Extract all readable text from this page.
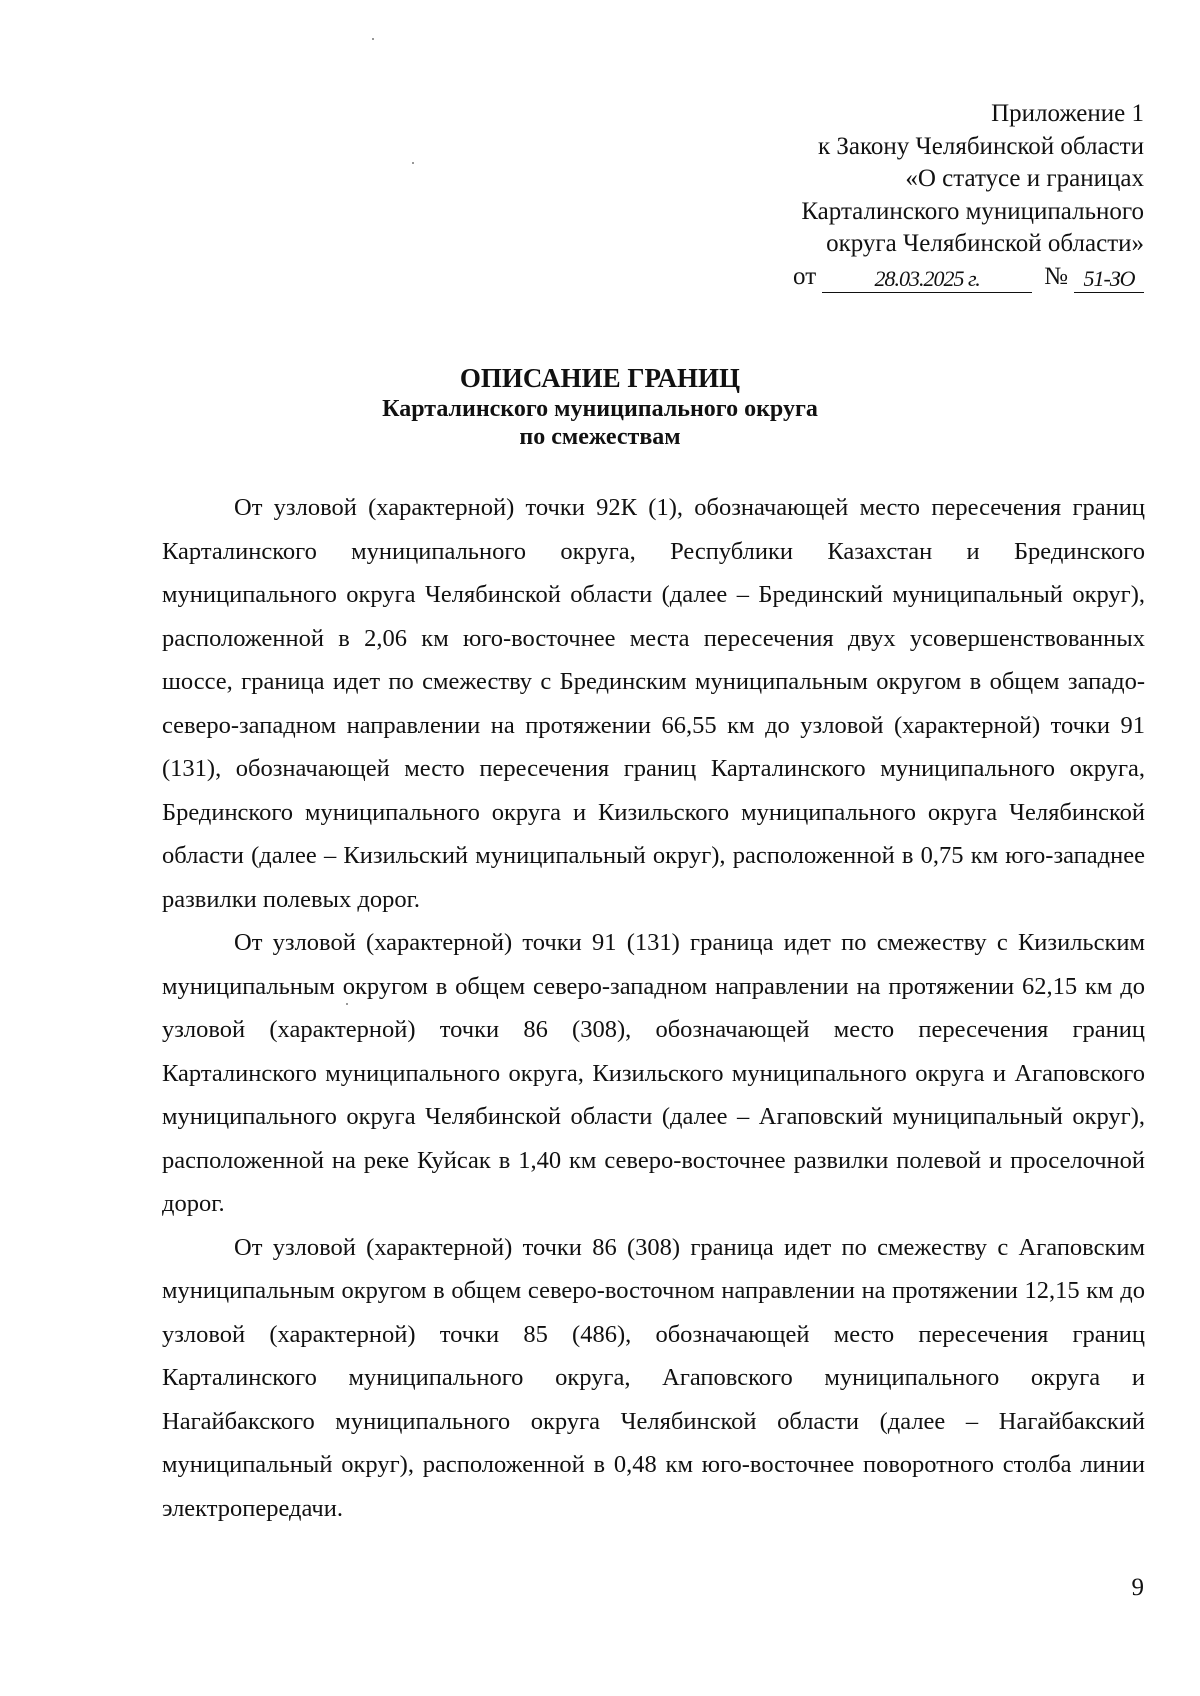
Приложение 1
к Закону Челябинской области
«О статусе и границах
Карталинского муниципального
округа Челябинской области»
от	28.03.2025 г.	№ 51-ЗО
ОПИСАНИЕ ГРАНИЦ
Карталинского муниципального округа
по смежествам

От узловой (характерной) точки 92К (1), обозначающей место пересечения границ Карталинского муниципального округа, Республики Казахстан и Брединского муниципального округа Челябинской области (далее – Брединский муниципальный округ), расположенной в 2,06 км юго-восточнее места пересечения двух усовершенствованных шоссе, граница идет по смежеству с Брединским муниципальным округом в общем западо-северо-западном направлении на протяжении 66,55 км до узловой (характерной) точки 91 (131), обозначающей место пересечения границ Карталинского муниципального округа, Брединского муниципального округа и Кизильского муниципального округа Челябинской области (далее – Кизильский муниципальный округ), расположенной в 0,75 км юго-западнее развилки полевых дорог.

От узловой (характерной) точки 91 (131) граница идет по смежеству с Кизильским муниципальным округом в общем северо-западном направлении на протяжении 62,15 км до узловой (характерной) точки 86 (308), обозначающей место пересечения границ Карталинского муниципального округа, Кизильского муниципального округа и Агаповского муниципального округа Челябинской области (далее – Агаповский муниципальный округ), расположенной на реке Куйсак в 1,40 км северо-восточнее развилки полевой и проселочной дорог.

От узловой (характерной) точки 86 (308) граница идет по смежеству с Агаповским муниципальным округом в общем северо-восточном направлении на протяжении 12,15 км до узловой (характерной) точки 85 (486), обозначающей место пересечения границ Карталинского муниципального округа, Агаповского муниципального округа и Нагайбакского муниципального округа Челябинской области (далее – Нагайбакский муниципальный округ), расположенной в 0,48 км юго-восточнее поворотного столба линии электропередачи.

9
